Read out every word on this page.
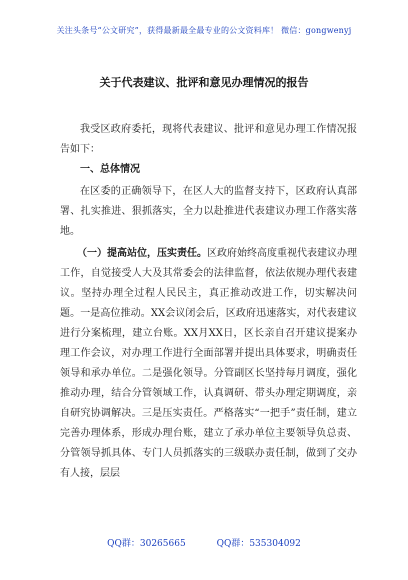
关注头条号“公文研究”，获得最新最全最专业的公文资料库！ 微信：gongwenyj
关于代表建议、批评和意见办理情况的报告
我受区政府委托，现将代表建议、批评和意见办理工作情况报告如下：
一、总体情况
在区委的正确领导下，在区人大的监督支持下，区政府认真部署、扎实推进、狠抓落实，全力以赴推进代表建议办理工作落实落地。
（一）提高站位，压实责任。区政府始终高度重视代表建议办理工作，自觉接受人大及其常委会的法律监督，依法依规办理代表建议。坚持办理全过程人民民主，真正推动改进工作，切实解决问题。一是高位推动。XX会议闭会后，区政府迅速落实，对代表建议进行分案梳理，建立台账。XX月XX日，区长亲自召开建议提案办理工作会议，对办理工作进行全面部署并提出具体要求，明确责任领导和承办单位。二是强化领导。分管副区长坚持每月调度，强化推动办理，结合分管领域工作，认真调研、带头办理定期调度，亲自研究协调解决。三是压实责任。严格落实“一把手”责任制，建立完善办理体系，形成办理台账，建立了承办单位主要领导负总责、分管领导抓具体、专门人员抓落实的三级联办责任制，做到了交办有人接，层层
QQ群：30265665	QQ群：535304092
